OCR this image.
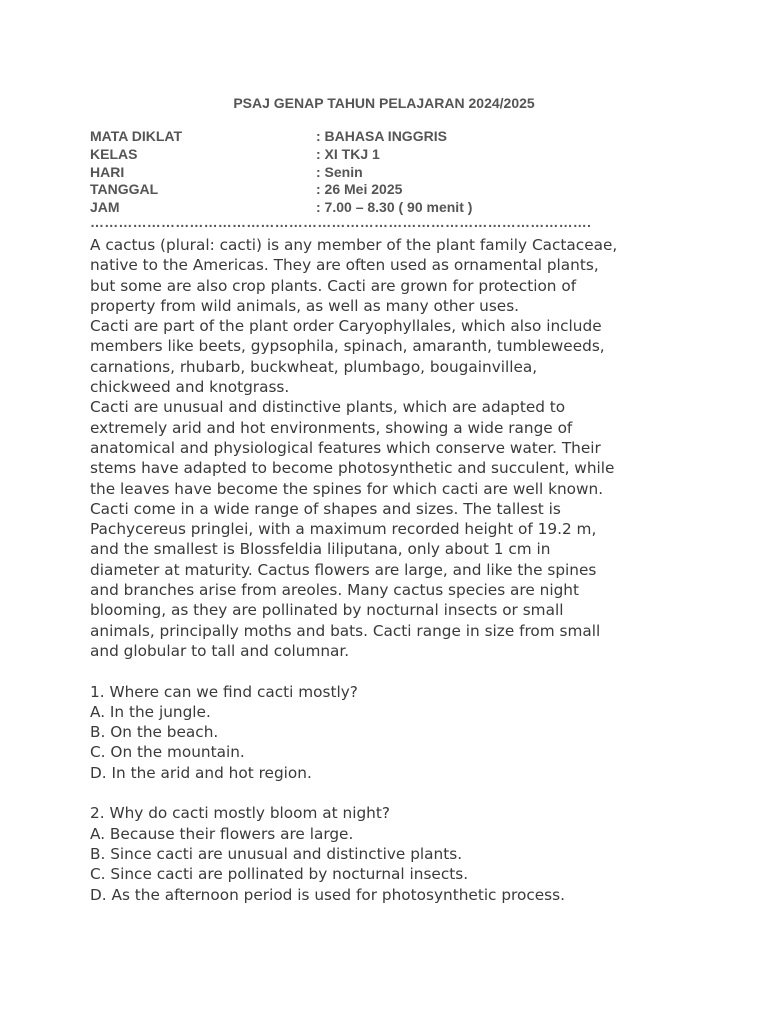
PSAJ GENAP TAHUN PELAJARAN 2024/2025
MATA DIKLAT	: BAHASA INGGRIS
KELAS	: XI TKJ 1
HARI	: Senin
TANGGAL	: 26 Mei 2025
JAM	: 7.00 – 8.30 ( 90 menit )
…………………………………………………………………………………………….

A cactus (plural: cacti) is any member of the plant family Cactaceae,

native to the Americas. They are often used as ornamental plants,

but some are also crop plants. Cacti are grown for protection of

property from wild animals, as well as many other uses.

Cacti are part of the plant order Caryophyllales, which also include

members like beets, gypsophila, spinach, amaranth, tumbleweeds,

carnations, rhubarb, buckwheat, plumbago, bougainvillea,

chickweed and knotgrass.

Cacti are unusual and distinctive plants, which are adapted to

extremely arid and hot environments, showing a wide range of

anatomical and physiological features which conserve water. Their

stems have adapted to become photosynthetic and succulent, while

the leaves have become the spines for which cacti are well known.

Cacti come in a wide range of shapes and sizes. The tallest is

Pachycereus pringlei, with a maximum recorded height of 19.2 m,

and the smallest is Blossfeldia liliputana, only about 1 cm in

diameter at maturity. Cactus flowers are large, and like the spines

and branches arise from areoles. Many cactus species are night

blooming, as they are pollinated by nocturnal insects or small

animals, principally moths and bats. Cacti range in size from small

and globular to tall and columnar.

1. Where can we find cacti mostly?

A. In the jungle.

B. On the beach.

C. On the mountain.

D. In the arid and hot region.

2. Why do cacti mostly bloom at night?

A. Because their flowers are large.

B. Since cacti are unusual and distinctive plants.

C. Since cacti are pollinated by nocturnal insects.

D. As the afternoon period is used for photosynthetic process.
